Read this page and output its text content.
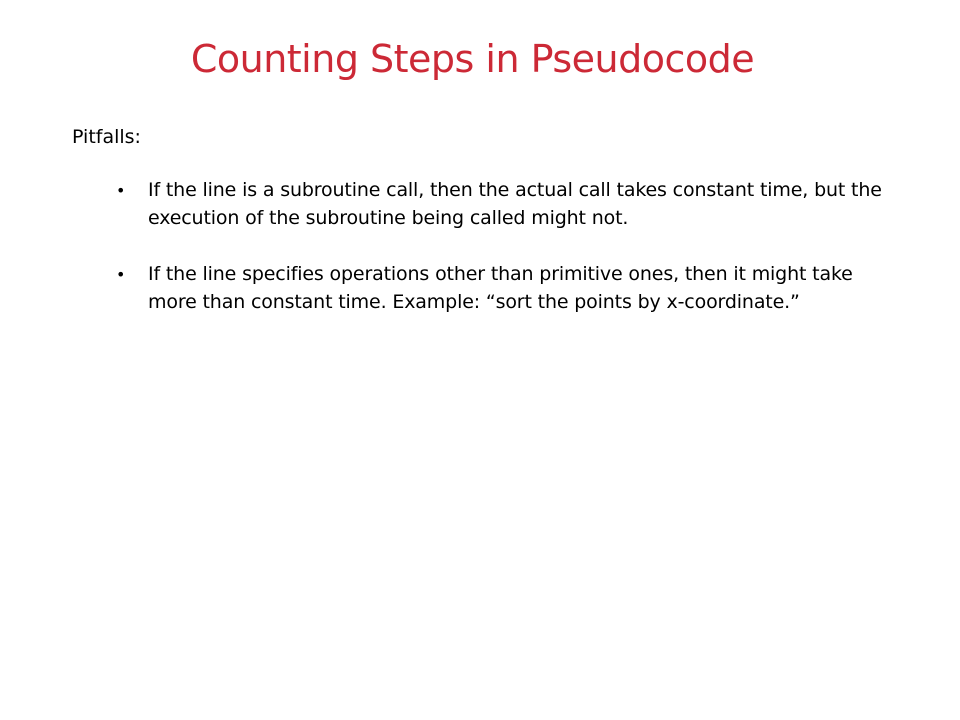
Counting Steps in Pseudocode
Pitfalls:
• If the line is a subroutine call, then the actual call takes constant time, but the execution of the subroutine being called might not.
• If the line specifies operations other than primitive ones, then it might take more than constant time. Example: “sort the points by x-coordinate.”
